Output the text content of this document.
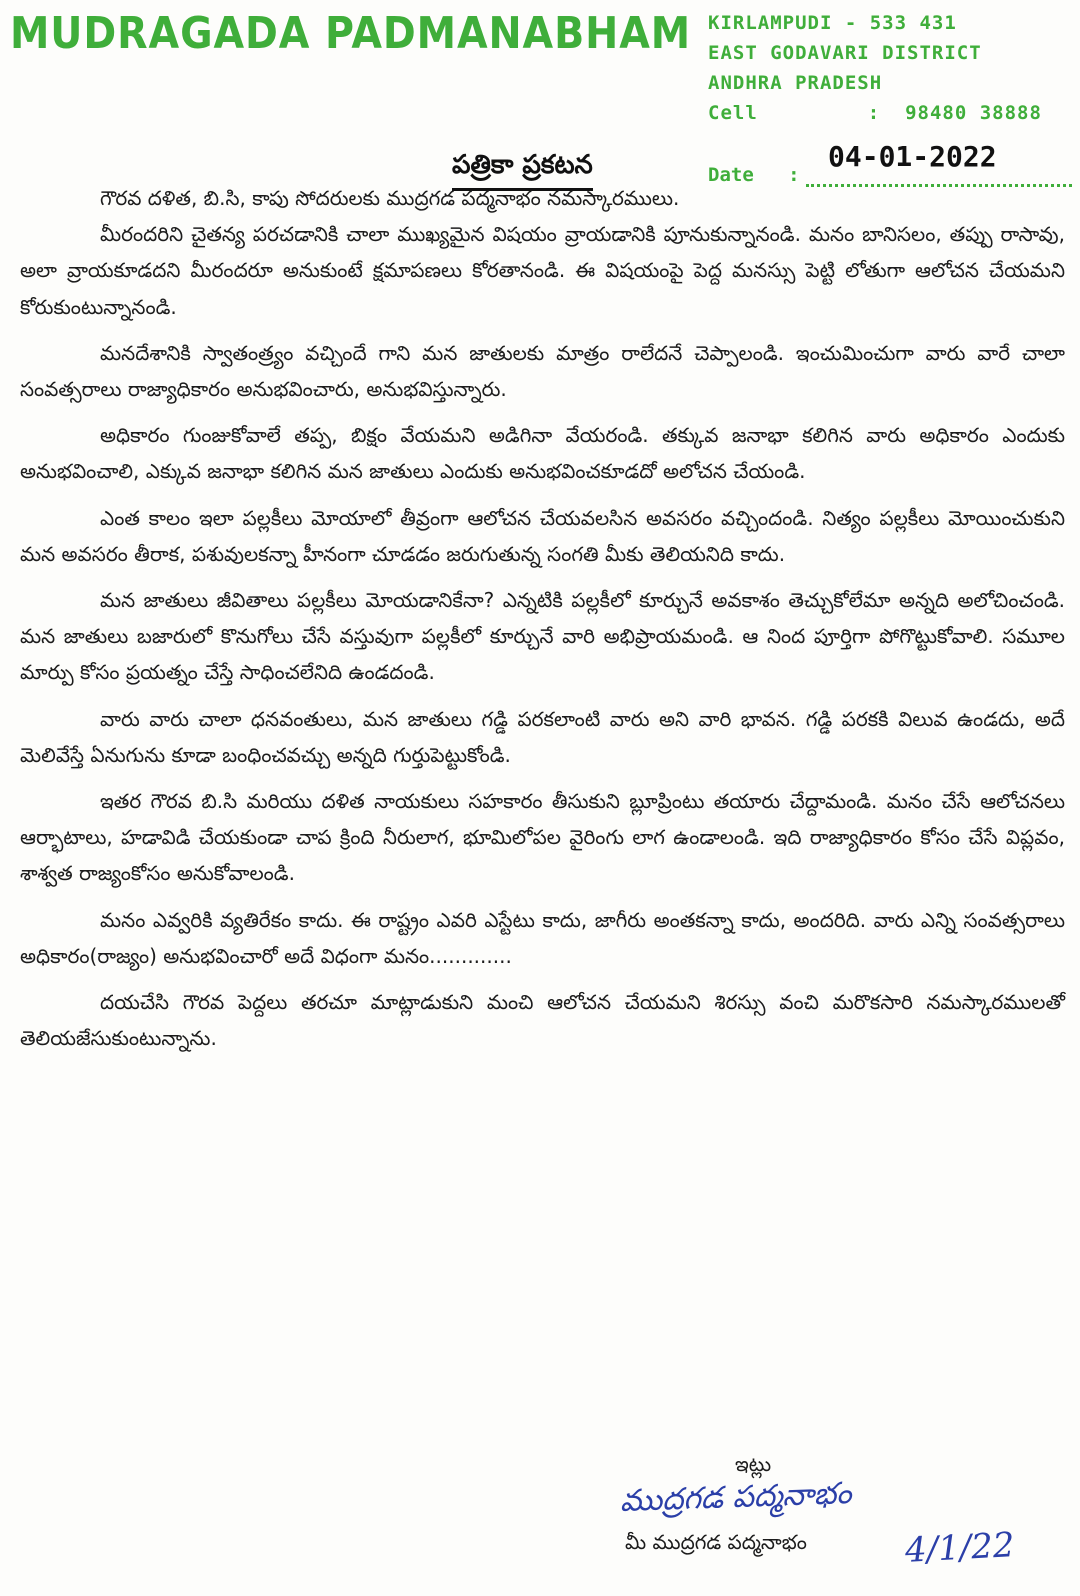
MUDRAGADA PADMANABHAM KIRLAMPUDI - 533 431
EAST GODAVARI DISTRICT
ANDHRA PRADESH
Cell	:  98480 38888
పత్రికా ప్రకటన	Date   :
04-01-2022

గౌరవ దళిత, బి.సి, కాపు సోదరులకు ముద్రగడ పద్మనాభం నమస్కారములు.

మీరందరిని చైతన్య పరచడానికి చాలా ముఖ్యమైన విషయం వ్రాయడానికి పూనుకున్నానండి. మనం బానిసలం, తప్పు రాసావు, అలా వ్రాయకూడదని మీరందరూ అనుకుంటే క్షమాపణలు కోరతానండి. ఈ విషయంపై పెద్ద మనస్సు పెట్టి లోతుగా ఆలోచన చేయమని కోరుకుంటున్నానండి.

మనదేశానికి స్వాతంత్ర్యం వచ్చిందే గాని మన జాతులకు మాత్రం రాలేదనే చెప్పాలండి. ఇంచుమించుగా వారు వారే చాలా సంవత్సరాలు రాజ్యాధికారం అనుభవించారు, అనుభవిస్తున్నారు.

అధికారం గుంజుకోవాలే తప్ప, బిక్షం వేయమని అడిగినా వేయరండి. తక్కువ జనాభా కలిగిన వారు అధికారం ఎందుకు అనుభవించాలి, ఎక్కువ జనాభా కలిగిన మన జాతులు ఎందుకు అనుభవించకూడదో అలోచన చేయండి.

ఎంత కాలం ఇలా పల్లకీలు మోయాలో తీవ్రంగా ఆలోచన చేయవలసిన అవసరం వచ్చిందండి. నిత్యం పల్లకీలు మోయించుకుని మన అవసరం తీరాక, పశువులకన్నా హీనంగా చూడడం జరుగుతున్న సంగతి మీకు తెలియనిది కాదు.

మన జాతులు జీవితాలు పల్లకీలు మోయడానికేనా? ఎన్నటికి పల్లకీలో కూర్చునే అవకాశం తెచ్చుకోలేమా అన్నది అలోచించండి. మన జాతులు బజారులో కొనుగోలు చేసే వస్తువుగా పల్లకీలో కూర్చునే వారి అభిప్రాయమండి. ఆ నింద పూర్తిగా పోగొట్టుకోవాలి. సమూల మార్పు కోసం ప్రయత్నం చేస్తే సాధించలేనిది ఉండదండి.

వారు వారు చాలా ధనవంతులు, మన జాతులు గడ్డి పరకలాంటి వారు అని వారి భావన. గడ్డి పరకకి విలువ ఉండదు, అదే మెలివేస్తే ఏనుగును కూడా బంధించవచ్చు అన్నది గుర్తుపెట్టుకోండి.

ఇతర గౌరవ బి.సి మరియు దళిత నాయకులు సహకారం తీసుకుని బ్లూప్రింటు తయారు చేద్దామండి. మనం చేసే ఆలోచనలు ఆర్భాటాలు, హడావిడి చేయకుండా చాప క్రింది నీరులాగ, భూమిలోపల వైరింగు లాగ ఉండాలండి. ఇది రాజ్యాధికారం కోసం చేసే విప్లవం, శాశ్వత రాజ్యంకోసం అనుకోవాలండి.

మనం ఎవ్వరికి వ్యతిరేకం కాదు. ఈ రాష్ట్రం ఎవరి ఎస్టేటు కాదు, జాగీరు అంతకన్నా కాదు, అందరిది. వారు ఎన్ని సంవత్సరాలు అధికారం(రాజ్యం) అనుభవించారో అదే విధంగా మనం.............

దయచేసి గౌరవ పెద్దలు తరచూ మాట్లాడుకుని మంచి ఆలోచన చేయమని శిరస్సు వంచి మరొకసారి నమస్కారములతో తెలియజేసుకుంటున్నాను.

ఇట్లు
ముద్రగడ పద్మనాభం
మీ ముద్రగడ పద్మనాభం	4/1/22
